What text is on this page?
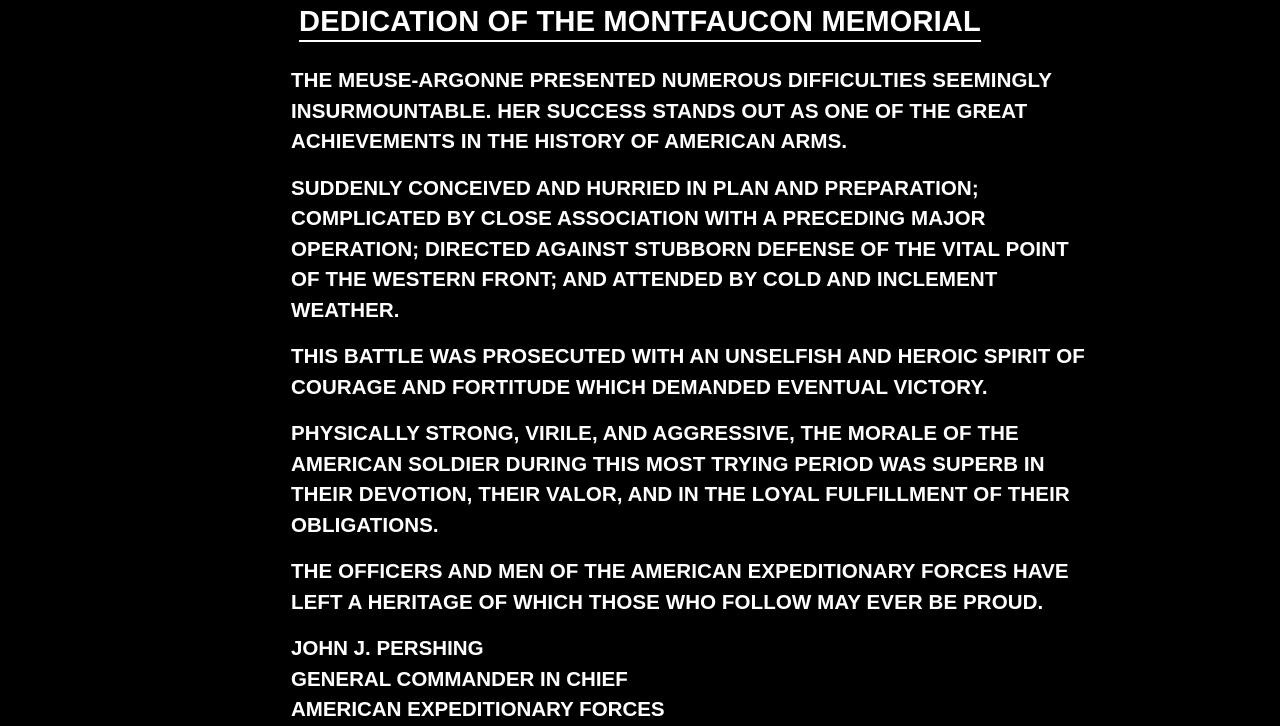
DEDICATION OF THE MONTFAUCON MEMORIAL

THE MEUSE-ARGONNE PRESENTED NUMEROUS DIFFICULTIES SEEMINGLY INSURMOUNTABLE. HER SUCCESS STANDS OUT AS ONE OF THE GREAT ACHIEVEMENTS IN THE HISTORY OF AMERICAN ARMS.

SUDDENLY CONCEIVED AND HURRIED IN PLAN AND PREPARATION; COMPLICATED BY CLOSE ASSOCIATION WITH A PRECEDING MAJOR OPERATION; DIRECTED AGAINST STUBBORN DEFENSE OF THE VITAL POINT OF THE WESTERN FRONT; AND ATTENDED BY COLD AND INCLEMENT WEATHER.

THIS BATTLE WAS PROSECUTED WITH AN UNSELFISH AND HEROIC SPIRIT OF COURAGE AND FORTITUDE WHICH DEMANDED EVENTUAL VICTORY.

PHYSICALLY STRONG, VIRILE, AND AGGRESSIVE, THE MORALE OF THE AMERICAN SOLDIER DURING THIS MOST TRYING PERIOD WAS SUPERB IN THEIR DEVOTION, THEIR VALOR, AND IN THE LOYAL FULFILLMENT OF THEIR OBLIGATIONS.

THE OFFICERS AND MEN OF THE AMERICAN EXPEDITIONARY FORCES HAVE LEFT A HERITAGE OF WHICH THOSE WHO FOLLOW MAY EVER BE PROUD.

JOHN J. PERSHING
GENERAL COMMANDER IN CHIEF
AMERICAN EXPEDITIONARY FORCES
